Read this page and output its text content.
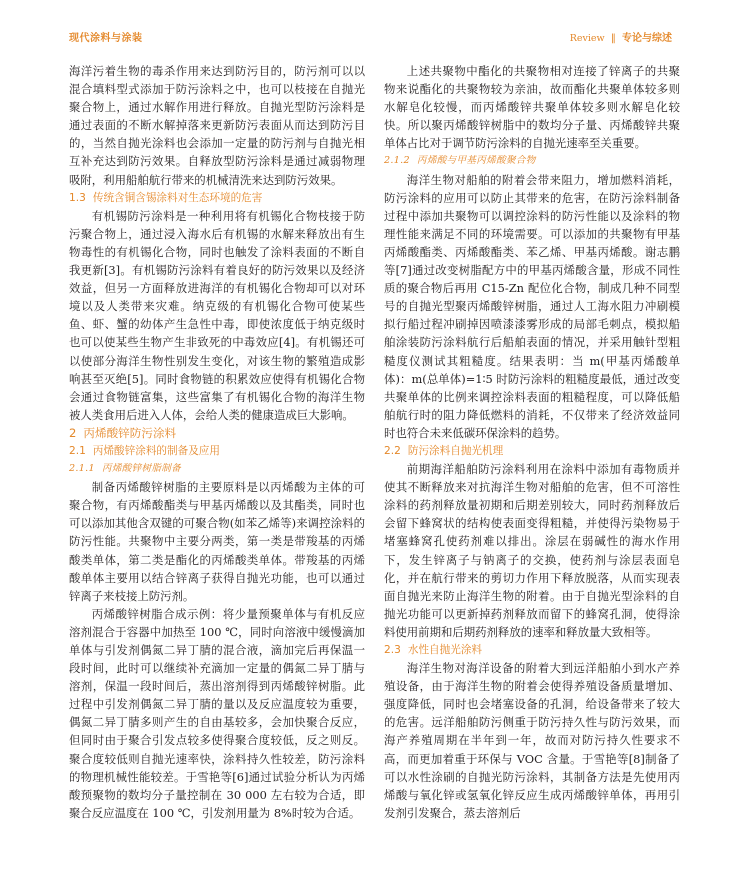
现代涂料与涂装	Review ‖ 专论与综述

海洋污着生物的毒杀作用来达到防污目的，防污剂可以以混合填料型式添加于防污涂料之中，也可以枝接在自抛光聚合物上，通过水解作用进行释放。自抛光型防污涂料是通过表面的不断水解掉落来更新防污表面从而达到防污目的，当然自抛光涂料也会添加一定量的防污剂与自抛光相互补充达到防污效果。自释放型防污涂料是通过减弱物理吸附，利用船舶航行带来的机械清洗来达到防污效果。

1.3 传统含铜含锡涂料对生态环境的危害

有机锡防污涂料是一种利用将有机锡化合物枝接于防污聚合物上，通过浸入海水后有机锡的水解来释放出有生物毒性的有机锡化合物，同时也触发了涂料表面的不断自我更新[3]。有机锡防污涂料有着良好的防污效果以及经济效益，但另一方面释放进海洋的有机锡化合物却可以对环境以及人类带来灾难。纳克级的有机锡化合物可使某些鱼、虾、蟹的幼体产生急性中毒，即使浓度低于纳克级时也可以使某些生物产生非致死的中毒效应[4]。有机锡还可以使部分海洋生物性别发生变化，对该生物的繁殖造成影响甚至灭绝[5]。同时食物链的积累效应使得有机锡化合物会通过食物链富集，这些富集了有机锡化合物的海洋生物被人类食用后进入人体，会给人类的健康造成巨大影响。

2 丙烯酸锌防污涂料
2.1 丙烯酸锌涂料的制备及应用
2.1.1 丙烯酸锌树脂制备

制备丙烯酸锌树脂的主要原料是以丙烯酸为主体的可聚合物，有丙烯酸酯类与甲基丙烯酸以及其酯类，同时也可以添加其他含双键的可聚合物(如苯乙烯等)来调控涂料的防污性能。共聚物中主要分两类，第一类是带羧基的丙烯酸类单体，第二类是酯化的丙烯酸类单体。带羧基的丙烯酸单体主要用以结合锌离子获得自抛光功能，也可以通过锌离子来枝接上防污剂。

丙烯酸锌树脂合成示例：将少量预聚单体与有机反应溶剂混合于容器中加热至 100 ℃，同时向溶液中缓慢滴加单体与引发剂偶氮二异丁腈的混合液，滴加完后再保温一段时间，此时可以继续补充滴加一定量的偶氮二异丁腈与溶剂，保温一段时间后，蒸出溶剂得到丙烯酸锌树脂。此过程中引发剂偶氮二异丁腈的量以及反应温度较为重要，偶氮二异丁腈多则产生的自由基较多，会加快聚合反应，但同时由于聚合引发点较多使得聚合度较低，反之则反。聚合度较低则自抛光速率快，涂料持久性较差，防污涂料的物理机械性能较差。于雪艳等[6]通过试验分析认为丙烯酸预聚物的数均分子量控制在 30 000 左右较为合适，即聚合反应温度在 100 ℃，引发剂用量为 8%时较为合适。

上述共聚物中酯化的共聚物相对连接了锌离子的共聚物来说酯化的共聚物较为亲油，故而酯化共聚单体较多则水解皂化较慢，而丙烯酸锌共聚单体较多则水解皂化较快。所以聚丙烯酸锌树脂中的数均分子量、丙烯酸锌共聚单体占比对于调节防污涂料的自抛光速率至关重要。

2.1.2 丙烯酸与甲基丙烯酸聚合物

海洋生物对船舶的附着会带来阻力，增加燃料消耗，防污涂料的应用可以防止其带来的危害，在防污涂料制备过程中添加共聚物可以调控涂料的防污性能以及涂料的物理性能来满足不同的环境需要。可以添加的共聚物有甲基丙烯酸酯类、丙烯酸酯类、苯乙烯、甲基丙烯酸。谢志鹏等[7]通过改变树脂配方中的甲基丙烯酸含量，形成不同性质的聚合物后再用 C15-Zn 配位化合物，制成几种不同型号的自抛光型聚丙烯酸锌树脂，通过人工海水阻力冲刷模拟行船过程冲刷掉因喷漆漆雾形成的局部毛刺点，模拟船舶涂装防污涂料航行后船舶表面的情况，并采用触针型粗糙度仪测试其粗糙度。结果表明：当 m(甲基丙烯酸单体)：m(总单体)=1∶5 时防污涂料的粗糙度最低，通过改变共聚单体的比例来调控涂料表面的粗糙程度，可以降低船舶航行时的阻力降低燃料的消耗，不仅带来了经济效益同时也符合未来低碳环保涂料的趋势。

2.2 防污涂料自抛光机理

前期海洋船舶防污涂料利用在涂料中添加有毒物质并使其不断释放来对抗海洋生物对船舶的危害，但不可溶性涂料的药剂释放量初期和后期差别较大，同时药剂释放后会留下蜂窝状的结构使表面变得粗糙，并使得污染物易于堵塞蜂窝孔使药剂难以排出。涂层在弱碱性的海水作用下，发生锌离子与钠离子的交换，使药剂与涂层表面皂化，并在航行带来的剪切力作用下释放脱落，从而实现表面自抛光来防止海洋生物的附着。由于自抛光型涂料的自抛光功能可以更新掉药剂释放而留下的蜂窝孔洞，使得涂料使用前期和后期药剂释放的速率和释放量大致相等。

2.3 水性自抛光涂料

海洋生物对海洋设备的附着大到远洋船舶小到水产养殖设备，由于海洋生物的附着会使得养殖设备质量增加、强度降低，同时也会堵塞设备的孔洞，给设备带来了较大的危害。远洋船舶防污侧重于防污持久性与防污效果，而海产养殖周期在半年到一年，故而对防污持久性要求不高，而更加着重于环保与 VOC 含量。于雪艳等[8]制备了可以水性涂刷的自抛光防污涂料，其制备方法是先使用丙烯酸与氧化锌或氢氧化锌反应生成丙烯酸锌单体，再用引发剂引发聚合，蒸去溶剂后
